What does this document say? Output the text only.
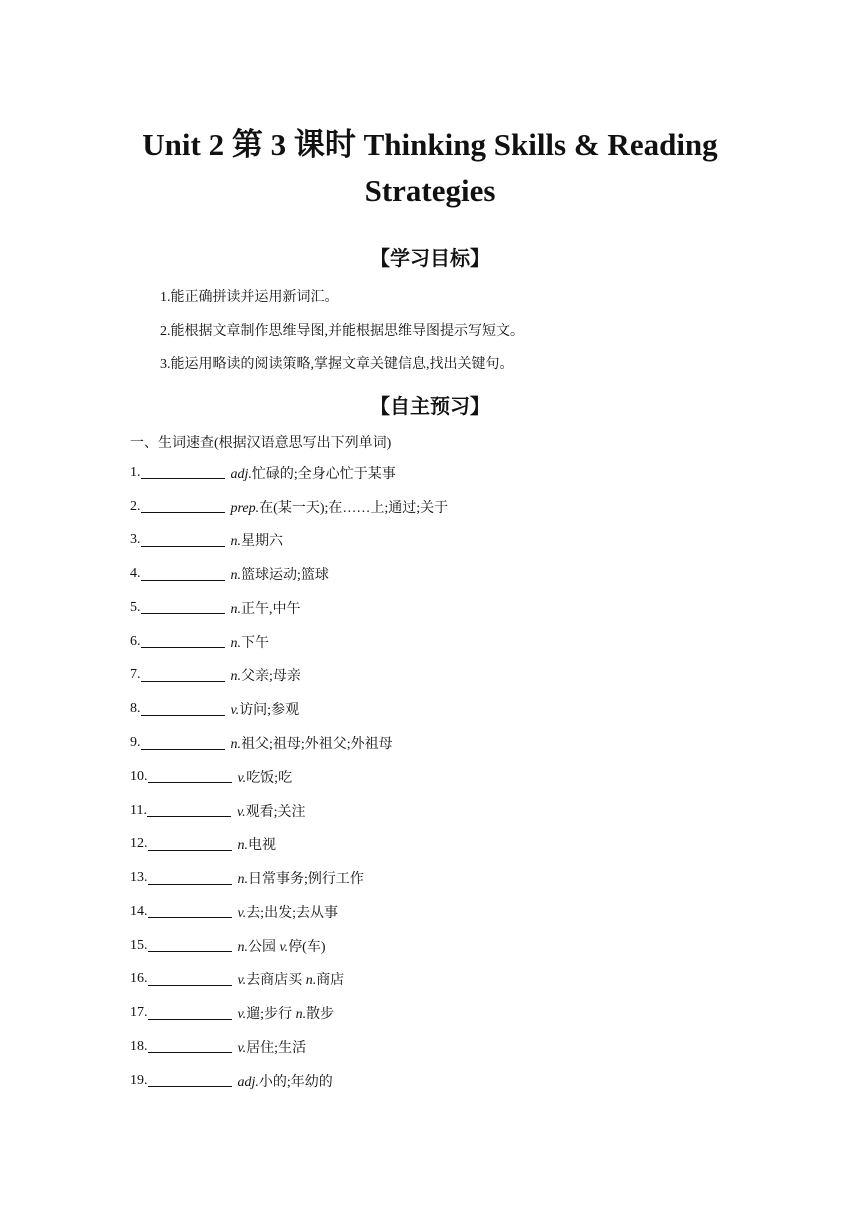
Unit 2 第 3 课时 Thinking Skills & Reading Strategies
【学习目标】

1.能正确拼读并运用新词汇。

2.能根据文章制作思维导图,并能根据思维导图提示写短文。

3.能运用略读的阅读策略,掌握文章关键信息,找出关键句。

【自主预习】

一、生词速查(根据汉语意思写出下列单词)

1.	adj.忙碌的;全身心忙于某事
2.	prep.在(某一天);在……上;通过;关于
3.	n.星期六
4.	n.篮球运动;篮球
5.	n.正午,中午
6.	n.下午
7.	n.父亲;母亲
8.	v.访问;参观
9.	n.祖父;祖母;外祖父;外祖母
10.	v.吃饭;吃
11.	v.观看;关注
12.	n.电视
13.	n.日常事务;例行工作
14.	v.去;出发;去从事
15.	n.公园 v.停(车)
16.	v.去商店买 n.商店
17.	v.遛;步行 n.散步
18.	v.居住;生活
19.	adj.小的;年幼的
